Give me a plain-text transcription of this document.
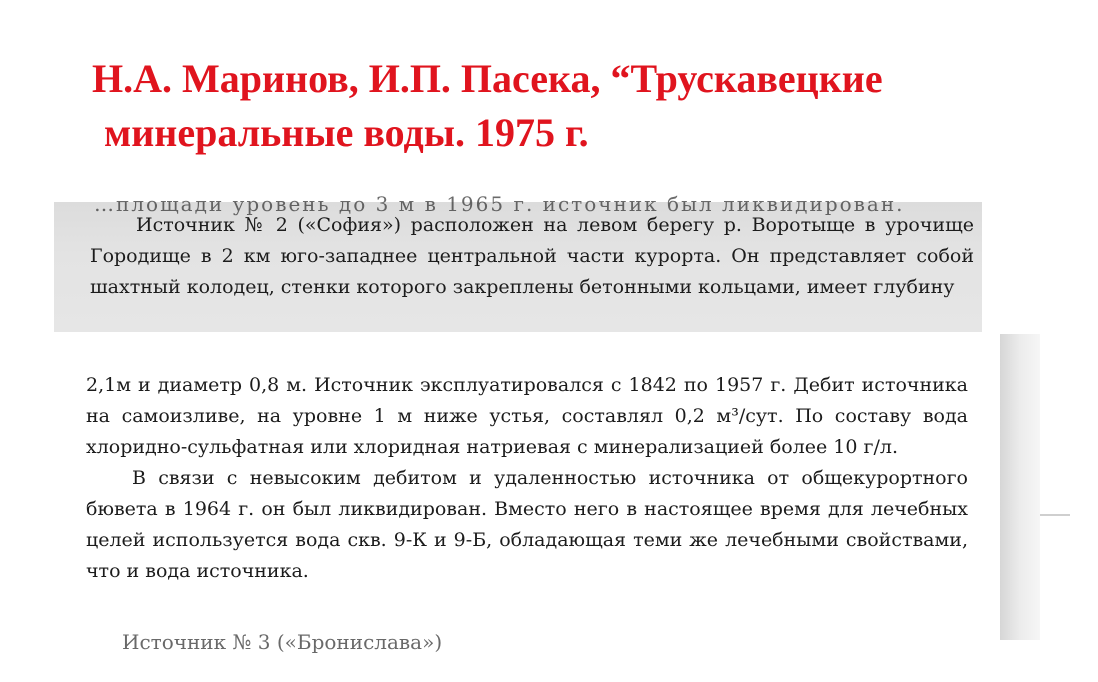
Н.А. Маринов, И.П. Пасека, “Трускавецкие
минеральные воды. 1975 г.
…площади уровень до 3 м в 1965 г. источник был ликвидирован.

Источник № 2 («София») расположен на левом берегу р. Воротыще в урочище Городище в 2 км юго-западнее центральной части курорта. Он представляет собой шахтный колодец, стенки которого закреплены бетонными кольцами, имеет глубину

2,1м и диаметр 0,8 м. Источник эксплуатировался с 1842 по 1957 г. Дебит источника на самоизливе, на уровне 1 м ниже устья, составлял 0,2 м³/сут. По составу вода хлоридно-сульфатная или хлоридная натриевая с минерализацией более 10 г/л.

В связи с невысоким дебитом и удаленностью источника от общекурортного бювета в 1964 г. он был ликвидирован. Вместо него в настоящее время для лечебных целей используется вода скв. 9-К и 9-Б, обладающая теми же лечебными свойствами, что и вода источника.

Источник № 3 («Бронислава»)
